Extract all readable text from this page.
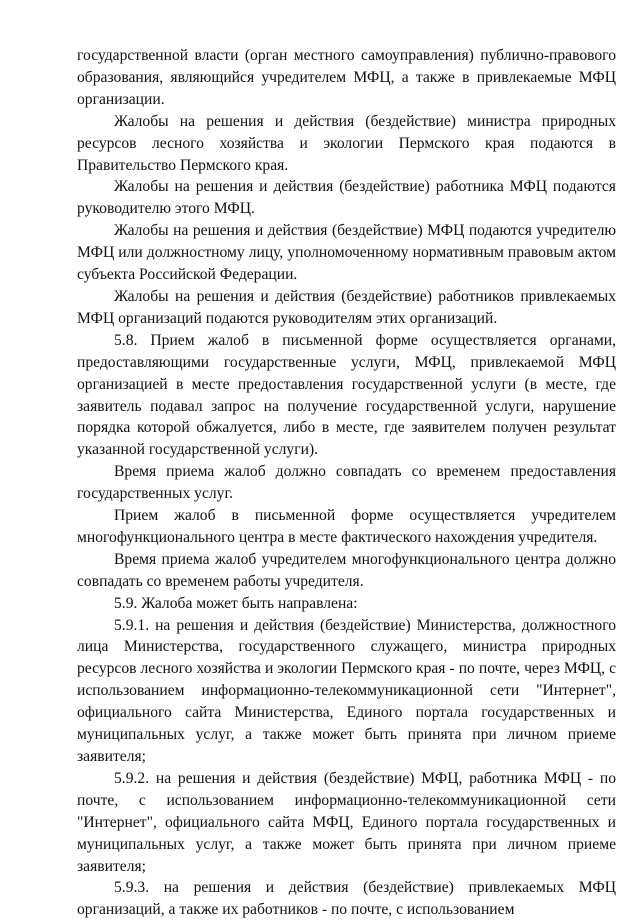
государственной власти (орган местного самоуправления) публично-правового образования, являющийся учредителем МФЦ, а также в привлекаемые МФЦ организации.

Жалобы на решения и действия (бездействие) министра природных ресурсов лесного хозяйства и экологии Пермского края подаются в Правительство Пермского края.

Жалобы на решения и действия (бездействие) работника МФЦ подаются руководителю этого МФЦ.

Жалобы на решения и действия (бездействие) МФЦ подаются учредителю МФЦ или должностному лицу, уполномоченному нормативным правовым актом субъекта Российской Федерации.

Жалобы на решения и действия (бездействие) работников привлекаемых МФЦ организаций подаются руководителям этих организаций.

5.8. Прием жалоб в письменной форме осуществляется органами, предоставляющими государственные услуги, МФЦ, привлекаемой МФЦ организацией в месте предоставления государственной услуги (в месте, где заявитель подавал запрос на получение государственной услуги, нарушение порядка которой обжалуется, либо в месте, где заявителем получен результат указанной государственной услуги).

Время приема жалоб должно совпадать со временем предоставления государственных услуг.

Прием жалоб в письменной форме осуществляется учредителем многофункционального центра в месте фактического нахождения учредителя.

Время приема жалоб учредителем многофункционального центра должно совпадать со временем работы учредителя.

5.9. Жалоба может быть направлена:

5.9.1. на решения и действия (бездействие) Министерства, должностного лица Министерства, государственного служащего, министра природных ресурсов лесного хозяйства и экологии Пермского края - по почте, через МФЦ, с использованием информационно-телекоммуникационной сети "Интернет", официального сайта Министерства, Единого портала государственных и муниципальных услуг, а также может быть принята при личном приеме заявителя;

5.9.2. на решения и действия (бездействие) МФЦ, работника МФЦ - по почте, с использованием информационно-телекоммуникационной сети "Интернет", официального сайта МФЦ, Единого портала государственных и муниципальных услуг, а также может быть принята при личном приеме заявителя;

5.9.3. на решения и действия (бездействие) привлекаемых МФЦ организаций, а также их работников - по почте, с использованием
